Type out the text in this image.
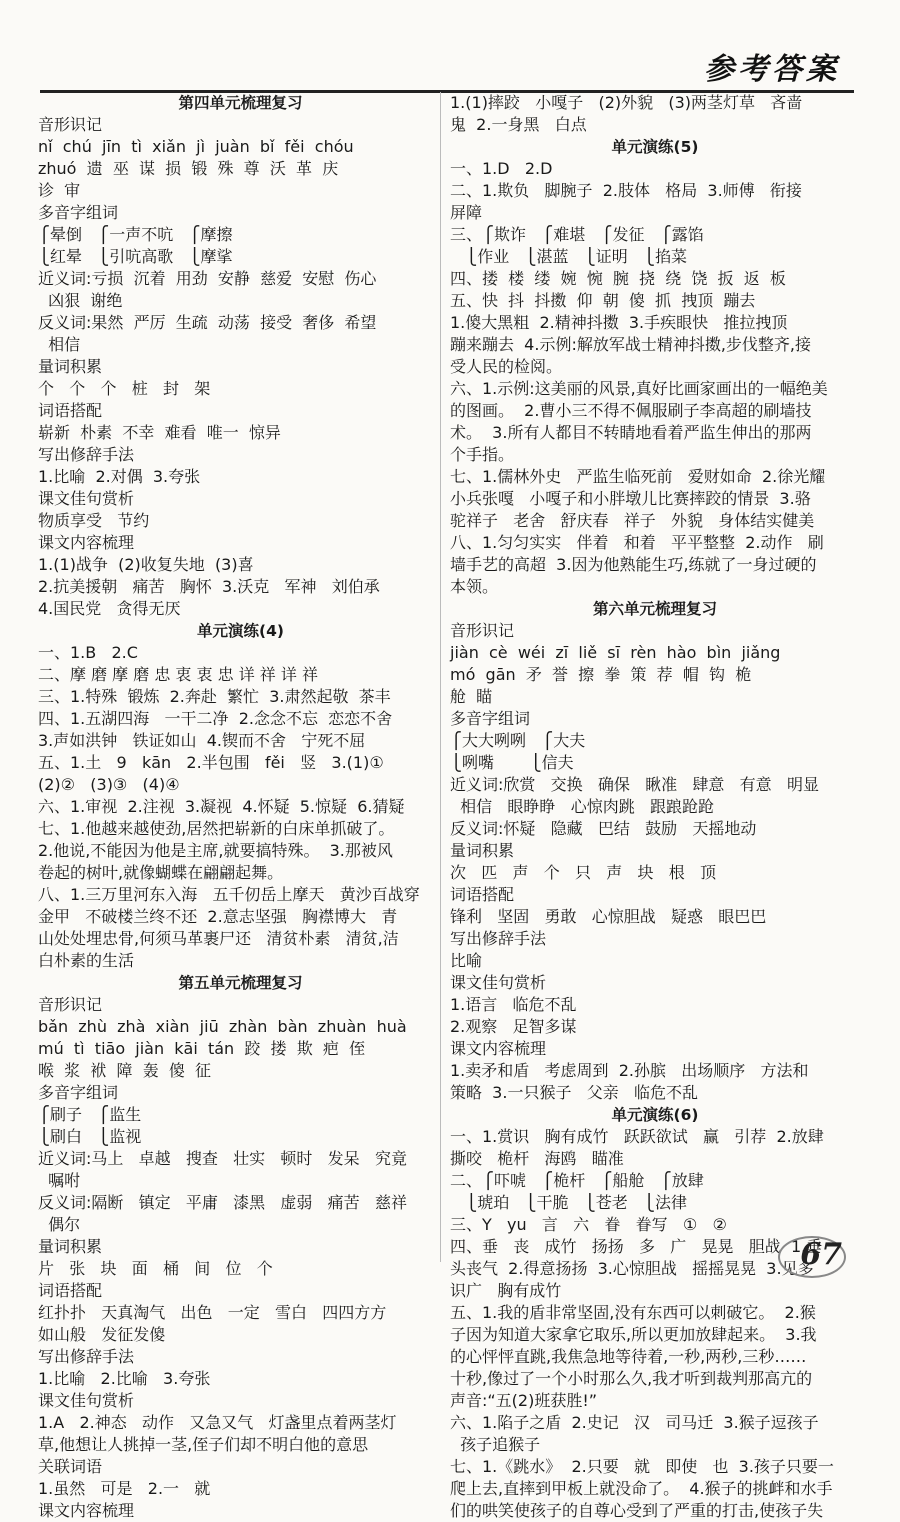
参考答案
第四单元梳理复习
音形识记
nǐ  chú  jīn  tì  xiǎn  jì  juàn  bǐ  fěi  chóu
zhuó  遗  巫  谋  损  锻  殊  尊  沃  革  庆
诊  审
多音字组词
⎧晕倒   ⎧一声不吭   ⎧摩擦
⎩红晕   ⎩引吭高歌   ⎩摩挲
近义词:亏损  沉着  用劲  安静  慈爱  安慰  伤心
凶狠  谢绝
反义词:果然  严厉  生疏  动荡  接受  奢侈  希望
相信
量词积累
个   个   个   桩   封   架
词语搭配
崭新  朴素  不幸  难看  唯一  惊异
写出修辞手法
1.比喻  2.对偶  3.夸张
课文佳句赏析
物质享受   节约
课文内容梳理
1.(1)战争  (2)收复失地  (3)喜
2.抗美援朝   痛苦   胸怀  3.沃克   军神   刘伯承
4.国民党   贪得无厌
单元演练(4)
一、1.B   2.C
二、摩 磨 摩 磨 忠 衷 衷 忠 详 祥 详 祥
三、1.特殊  锻炼  2.奔赴  繁忙  3.肃然起敬  茶丰
四、1.五湖四海   一干二净  2.念念不忘  恋恋不舍
3.声如洪钟   铁证如山  4.锲而不舍   宁死不屈
五、1.土   9   kān   2.半包围   fěi   竖   3.(1)①
(2)②   (3)③   (4)④
六、1.审视  2.注视  3.凝视  4.怀疑  5.惊疑  6.猜疑
七、1.他越来越使劲,居然把崭新的白床单抓破了。
2.他说,不能因为他是主席,就要搞特殊。  3.那被风
卷起的树叶,就像蝴蝶在翩翩起舞。
八、1.三万里河东入海   五千仞岳上摩天   黄沙百战穿
金甲   不破楼兰终不还  2.意志坚强   胸襟博大   青
山处处埋忠骨,何须马革裹尸还   清贫朴素   清贫,洁
白朴素的生活
第五单元梳理复习
音形识记
bǎn  zhù  zhà  xiàn  jiū  zhàn  bàn  zhuàn  huà
mú  tì  tiāo  jiàn  kāi  tán  跤  搂  欺  疤  侄
喉  浆  袱  障  轰  傻  征
多音字组词
⎧刷子   ⎧监生
⎩刷白   ⎩监视
近义词:马上   卓越   搜查   壮实   顿时   发呆   究竟
嘱咐
反义词:隔断   镇定   平庸   漆黑   虚弱   痛苦   慈祥
偶尔
量词积累
片   张   块   面   桶   间   位   个
词语搭配
红扑扑   天真淘气   出色   一定   雪白   四四方方
如山般   发征发傻
写出修辞手法
1.比喻   2.比喻   3.夸张
课文佳句赏析
1.A   2.神态   动作   又急又气   灯盏里点着两茎灯
草,他想让人挑掉一茎,侄子们却不明白他的意思
关联词语
1.虽然   可是   2.一   就
课文内容梳理
1.(1)摔跤   小嘎子   (2)外貌   (3)两茎灯草   吝啬
鬼  2.一身黑   白点
单元演练(5)
一、1.D   2.D
二、1.欺负   脚腕子  2.肢体   格局  3.师傅   衔接
屏障
三、⎧欺诈   ⎧难堪   ⎧发征   ⎧露馅
⎩作业   ⎩湛蓝   ⎩证明   ⎩掐菜
四、搂  楼  缕  婉  惋  腕  挠  绕  饶  扳  返  板
五、快  抖  抖擞  仰  朝  傻  抓  拽顶  蹦去
1.傻大黑粗  2.精神抖擞  3.手疾眼快   推拉拽顶
蹦来蹦去  4.示例:解放军战士精神抖擞,步伐整齐,接
受人民的检阅。
六、1.示例:这美丽的风景,真好比画家画出的一幅绝美
的图画。  2.曹小三不得不佩服刷子李高超的刷墙技
术。  3.所有人都目不转睛地看着严监生伸出的那两
个手指。
七、1.儒林外史   严监生临死前   爱财如命  2.徐光耀
小兵张嘎   小嘎子和小胖墩儿比赛摔跤的情景  3.骆
驼祥子   老舍   舒庆春   祥子   外貌   身体结实健美
八、1.匀匀实实   伴着   和着   平平整整  2.动作   刷
墙手艺的高超  3.因为他熟能生巧,练就了一身过硬的
本领。
第六单元梳理复习
音形识记
jiàn  cè  wéi  zī  liě  sī  rèn  hào  bìn  jiǎng
mó  gān  矛  誉  擦  拳  策  荐  帽  钩  桅
舱  瞄
多音字组词
⎧大大咧咧   ⎧大夫
⎩咧嘴       ⎩信夫
近义词:欣赏   交换   确保   瞅准   肆意   有意   明显
相信   眼睁睁   心惊肉跳   跟踉跄跄
反义词:怀疑   隐藏   巴结   鼓励   天摇地动
量词积累
次   匹   声   个   只   声   块   根   顶
词语搭配
锋利   坚固   勇敢   心惊胆战   疑惑   眼巴巴
写出修辞手法
比喻
课文佳句赏析
1.语言   临危不乱
2.观察   足智多谋
课文内容梳理
1.卖矛和盾   考虑周到  2.孙膑   出场顺序   方法和
策略  3.一只猴子   父亲   临危不乱
单元演练(6)
一、1.赏识   胸有成竹   跃跃欲试   赢   引荐  2.放肆
撕咬   桅杆   海鸥   瞄准
二、⎧吓唬   ⎧桅杆   ⎧船舱   ⎧放肆
⎩琥珀   ⎩干脆   ⎩苍老   ⎩法律
三、Y   yu   言   六   眷   眷写   ①   ②
四、垂   丧   成竹   扬扬   多   广   晃晃   胆战  1.垂
头丧气  2.得意扬扬  3.心惊胆战   摇摇晃晃  3.见多
识广   胸有成竹
五、1.我的盾非常坚固,没有东西可以刺破它。  2.猴
子因为知道大家拿它取乐,所以更加放肆起来。  3.我
的心怦怦直跳,我焦急地等待着,一秒,两秒,三秒……
十秒,像过了一个小时那么久,我才听到裁判那高亢的
声音:“五(2)班获胜!”
六、1.陷子之盾  2.史记   汉   司马迁  3.猴子逗孩子
孩子追猴子
七、1.《跳水》  2.只要   就   即使   也  3.孩子只要一
爬上去,直摔到甲板上就没命了。  4.猴子的挑衅和水手
们的哄笑使孩子的自尊心受到了严重的打击,使孩子失
67
